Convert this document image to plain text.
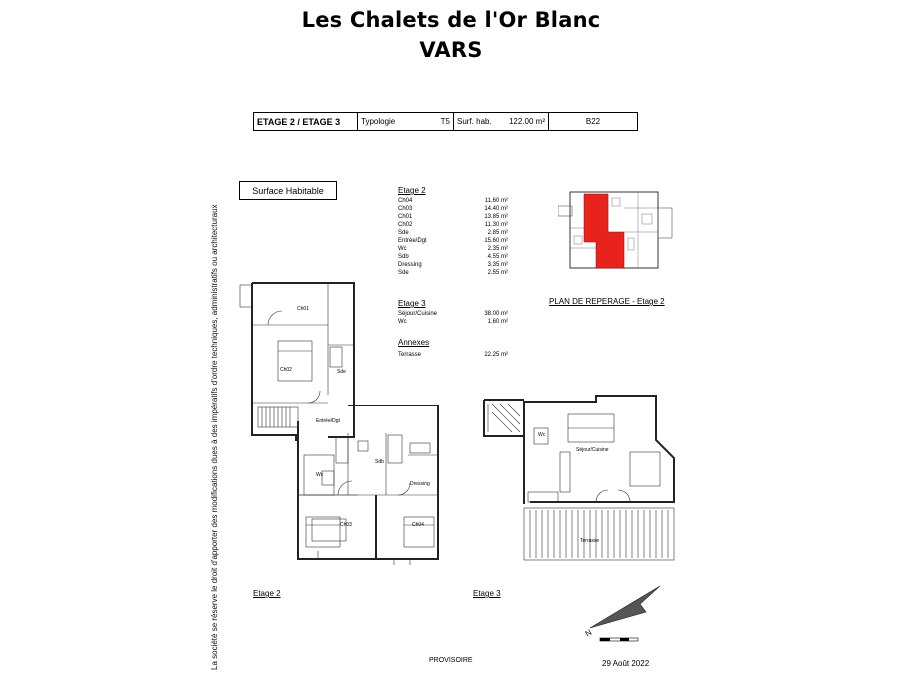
Les Chalets de l'Or Blanc
VARS
ETAGE 2 / ETAGE 3	Typologie	T5 Surf. hab. 122.00 m²	B22
La société se réserve le droit d'apporter des modifications dues à des impératifs d'ordre techniques, administratifs ou architecturaux
Surface Habitable	Etage 2
Ch04	11.60 m²
Ch03	14.40 m²
Ch01	13.85 m²
Ch02	11.30 m²
Sde	2.85 m²
Entrée/Dgt	15.60 m²
Wc	2.35 m²
Sdb	4.55 m²
Dressing	3.35 m²
Sde	2.55 m²
Etage 3
Séjour/Cuisine	38.00 m²
Wc	1.60 m²
Annexes
Terrasse	22.25 m²
PLAN DE REPERAGE - Etage 2
Ch01
Ch02	Sde
Entrée/Dgt
Wc
Sdb
Dressing
Ch03	Ch04
Wc
Séjour/Cuisine
Terrasse
Etage 2	Etage 3
N
PROVISOIRE	29 Août 2022
